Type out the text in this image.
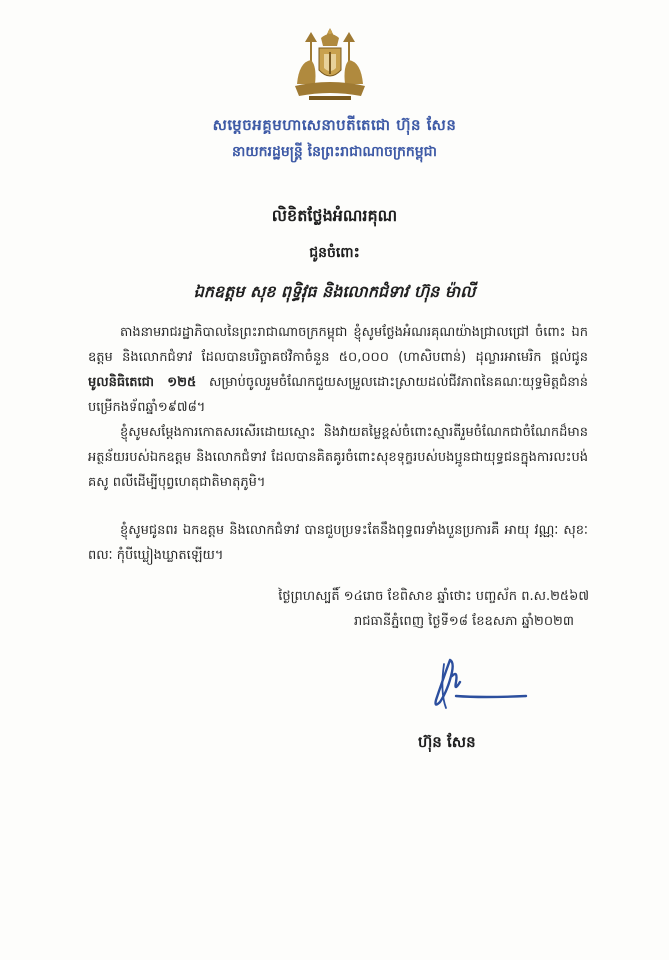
សម្តេចអគ្គមហាសេនាបតីតេជោ ហ៊ុន សែន
នាយករដ្ឋមន្ត្រី នៃព្រះរាជាណាចក្រកម្ពុជា
លិខិតថ្លែងអំណរគុណ
ជូនចំពោះ
ឯកឧត្តម សុខ ពុទ្ធិវុធ និងលោកជំទាវ ហ៊ុន ម៉ាលី

តាងនាមរាជរដ្ឋាភិបាលនៃព្រះរាជាណាចក្រកម្ពុជា ខ្ញុំសូមថ្លែងអំណរគុណយ៉ាងជ្រាលជ្រៅ ចំពោះ ឯកឧត្តម និងលោកជំទាវ ដែលបានបរិច្ចាគថវិកាចំនួន ៥០,០០០ (ហាសិបពាន់) ដុល្លារអាមេរិក ផ្តល់ជូនមូលនិធិតេជោ ១២៥ សម្រាប់ចូលរួមចំណែកជួយសម្រួលដោះស្រាយដល់ជីវភាពនៃគណៈយុទ្ធមិត្តជំនាន់បម្រើកងទ័ពឆ្នាំ១៩៧៨។

ខ្ញុំសូមសម្តែងការកោតសរសើរដោយស្មោះ និងវាយតម្លៃខ្ពស់ចំពោះស្មារតីរួមចំណែកជាចំណែកដ៏មានអត្ថន័យរបស់ឯកឧត្តម និងលោកជំទាវ ដែលបានគិតគូរចំពោះសុខទុក្ខរបស់បងប្អូនជាយុទ្ធជនក្នុងការលះបង់ គសូ ពលីដើម្បីបុព្វហេតុជាតិមាតុភូមិ។

ខ្ញុំសូមជូនពរ ឯកឧត្តម និងលោកជំទាវ បានជួបប្រទះតែនឹងពុទ្ធពរទាំងបួនប្រការគឺ អាយុ វណ្ណៈ សុខៈ ពលៈ កុំបីឃ្លៀងឃ្លាតឡើយ។

ថ្ងៃព្រហស្បតិ៍ ១៤រោច ខែពិសាខ ឆ្នាំថោះ បញ្ចស័ក ព.ស.២៥៦៧
រាជធានីភ្នំពេញ ថ្ងៃទី១៨ ខែឧសភា ឆ្នាំ២០២៣
ហ៊ុន សែន
